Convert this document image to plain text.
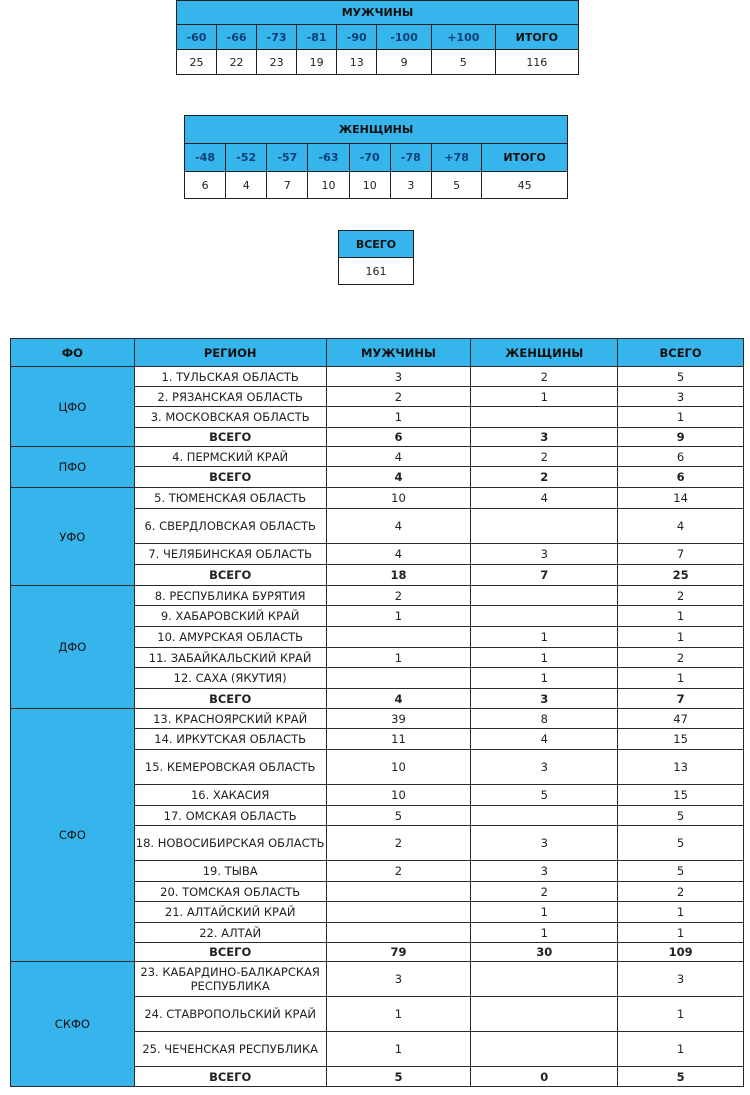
МУЖЧИНЫ							
-60	-66	-73	-81	-90	-100	+100	ИТОГО
25	22	23	19	13	9	5	116
ЖЕНЩИНЫ							
-48	-52	-57	-63	-70	-78	+78	ИТОГО
6	4	7	10	10	3	5	45
ВСЕГО
161
ФО	РЕГИОН	МУЖЧИНЫ	ЖЕНЩИНЫ	ВСЕГО
ЦФО	1. ТУЛЬСКАЯ ОБЛАСТЬ	3	2	5
	2. РЯЗАНСКАЯ ОБЛАСТЬ	2	1	3
	3. МОСКОВСКАЯ ОБЛАСТЬ	1		1
	ВСЕГО	6	3	9
ПФО	4. ПЕРМСКИЙ КРАЙ	4	2	6
	ВСЕГО	4	2	6
УФО	5. ТЮМЕНСКАЯ ОБЛАСТЬ	10	4	14
	6. СВЕРДЛОВСКАЯ ОБЛАСТЬ	4		4
	7. ЧЕЛЯБИНСКАЯ ОБЛАСТЬ	4	3	7
	ВСЕГО	18	7	25
ДФО	8. РЕСПУБЛИКА БУРЯТИЯ	2		2
	9. ХАБАРОВСКИЙ КРАЙ	1		1
	10. АМУРСКАЯ ОБЛАСТЬ		1	1
	11. ЗАБАЙКАЛЬСКИЙ КРАЙ	1	1	2
	12. САХА (ЯКУТИЯ)		1	1
	ВСЕГО	4	3	7
СФО	13. КРАСНОЯРСКИЙ КРАЙ	39	8	47
	14. ИРКУТСКАЯ ОБЛАСТЬ	11	4	15
	15. КЕМЕРОВСКАЯ ОБЛАСТЬ	10	3	13
	16. ХАКАСИЯ	10	5	15
	17. ОМСКАЯ ОБЛАСТЬ	5		5
	18. НОВОСИБИРСКАЯ ОБЛАСТЬ	2	3	5
	19. ТЫВА	2	3	5
	20. ТОМСКАЯ ОБЛАСТЬ		2	2
	21. АЛТАЙСКИЙ КРАЙ		1	1
	22. АЛТАЙ		1	1
	ВСЕГО	79	30	109
СКФО	23. КАБАРДИНО-БАЛКАРСКАЯ РЕСПУБЛИКА	3		3
	24. СТАВРОПОЛЬСКИЙ КРАЙ	1		1
	25. ЧЕЧЕНСКАЯ РЕСПУБЛИКА	1		1
	ВСЕГО	5	0	5
